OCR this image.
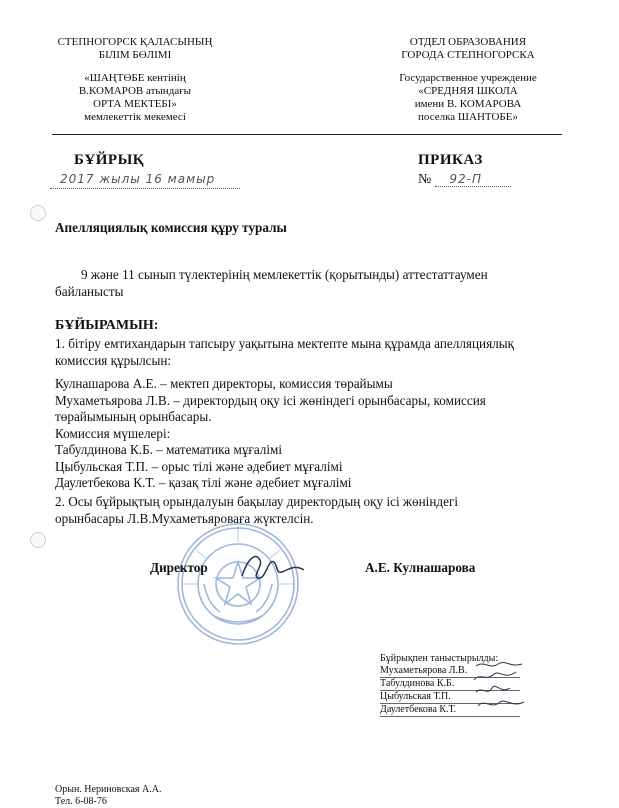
СТЕПНОГОРСК ҚАЛАСЫНЫҢ
БІЛІМ БӨЛІМІ
«ШАҢТӨБЕ кентінің
В.КОМАРОВ атындағы
ОРТА МЕКТЕБІ»
мемлекеттік мекемесі
ОТДЕЛ ОБРАЗОВАНИЯ
ГОРОДА СТЕПНОГОРСКА
Государственное учреждение
«СРЕДНЯЯ ШКОЛА
имени В. КОМАРОВА
поселка ШАНТОБЕ»
БҰЙРЫҚ	ПРИКАЗ
2017 жылы 16 мамыр	№ 92-П
Апелляциялық комиссия құру туралы
9 және 11 сынып түлектерінің мемлекеттік (қорытынды) аттестаттаумен
байланысты
БҰЙЫРАМЫН:
1. бітіру емтихандарын тапсыру уақытына мектепте мына құрамда апелляциялық
комиссия құрылсын:
Кулнашарова А.Е. – мектеп директоры, комиссия төрайымы
Мухаметьярова Л.В. – директордың оқу ісі жөніндегі орынбасары, комиссия
төрайымының орынбасары.
Комиссия мүшелері:
Табулдинова К.Б. – математика мұғалімі
Цыбульская Т.П. – орыс тілі және әдебиет мұғалімі
Даулетбекова К.Т. – қазақ тілі және әдебиет мұғалімі
2. Осы бұйрықтың орындалуын бақылау директордың оқу ісі жөніндегі
орынбасары Л.В.Мухаметьяроваға жүктелсін.
Директор	А.Е. Кулнашарова
Бұйрықпен таныстырылды:
Мухаметьярова Л.В.
Табулдинова К.Б.
Цыбульская Т.П.
Даулетбекова К.Т.
Орын. Нериновская А.А.
Тел. 6-08-76
